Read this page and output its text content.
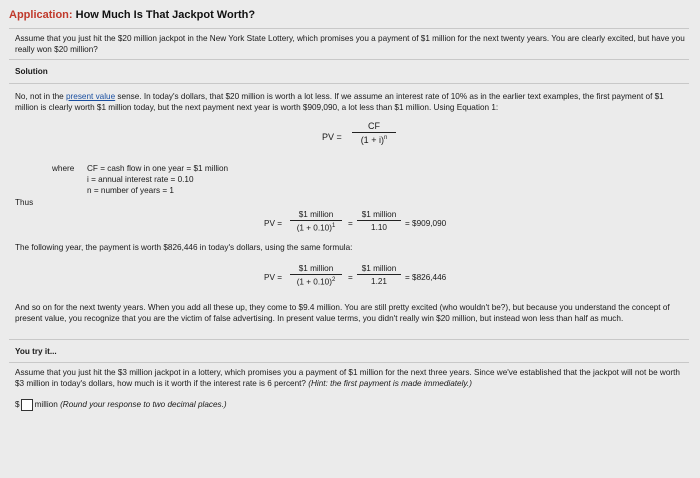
Application: How Much Is That Jackpot Worth?
Assume that you just hit the $20 million jackpot in the New York State Lottery, which promises you a payment of $1 million for the next twenty years. You are clearly excited, but have you really won $20 million?
Solution
No, not in the present value sense. In today's dollars, that $20 million is worth a lot less. If we assume an interest rate of 10% as in the earlier text examples, the first payment of $1 million is clearly worth $1 million today, but the next payment next year is worth $909,090, a lot less than $1 million. Using Equation 1:
PV = $\frac{CF}{(1 + i)^n}$
where CF = cash flow in one year = $1 million
i = annual interest rate = 0.10
n = number of years = 1
Thus
PV =
$1 million
$(1 + 0.10)^1$	=
$1 million
1.10	= $909,090
The following year, the payment is worth $826,446 in today's dollars, using the same formula:
PV =
$1 million
$(1 + 0.10)^2$	=
$1 million
1.21	= $826,446
And so on for the next twenty years. When you add all these up, they come to $9.4 million. You are still pretty excited (who wouldn't be?), but because you understand the concept of present value, you recognize that you are the victim of false advertising. In present value terms, you didn't really win $20 million, but instead won less than half as much.
You try it...
Assume that you just hit the $3 million jackpot in a lottery, which promises you a payment of $1 million for the next three years. Since we've established that the jackpot will not be worth $3 million in today's dollars, how much is it worth if the interest rate is 6 percent? (Hint: the first payment is made immediately.)
$ million (Round your response to two decimal places.)
